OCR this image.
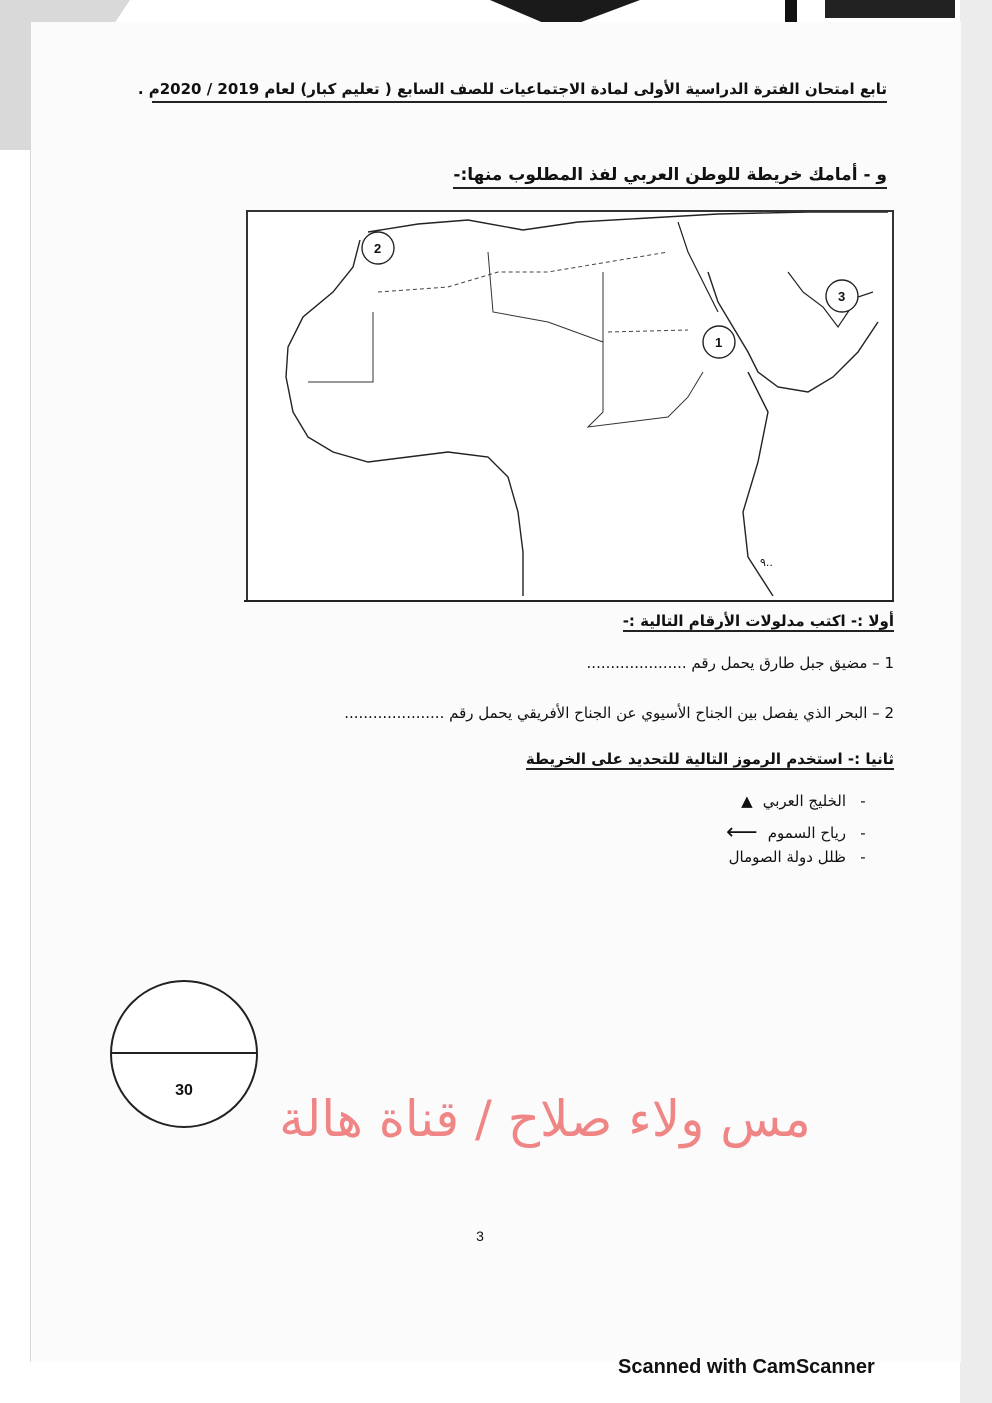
تابع امتحان الفترة الدراسية الأولى لمادة الاجتماعيات للصف السابع ( تعليم كبار) لعام 2019 / 2020م .
و - أمامك خريطة للوطن العربي لفذ المطلوب منها:-
1
2
3
٩..
أولا :- اكتب مدلولات الأرقام التالية :-
1 – مضيق جبل طارق يحمل رقم .....................
2 – البحر الذي يفصل بين الجناح الأسيوي عن الجناح الأفريقي يحمل رقم .....................
ثانيا :- استخدم الرموز التالية للتحديد على الخريطة
-
الخليج العربي
▲
-
رياح السموم
⟵
-
ظلل دولة الصومال
30	مس ولاء صلاح / قناة هالة
3
Scanned with CamScanner
